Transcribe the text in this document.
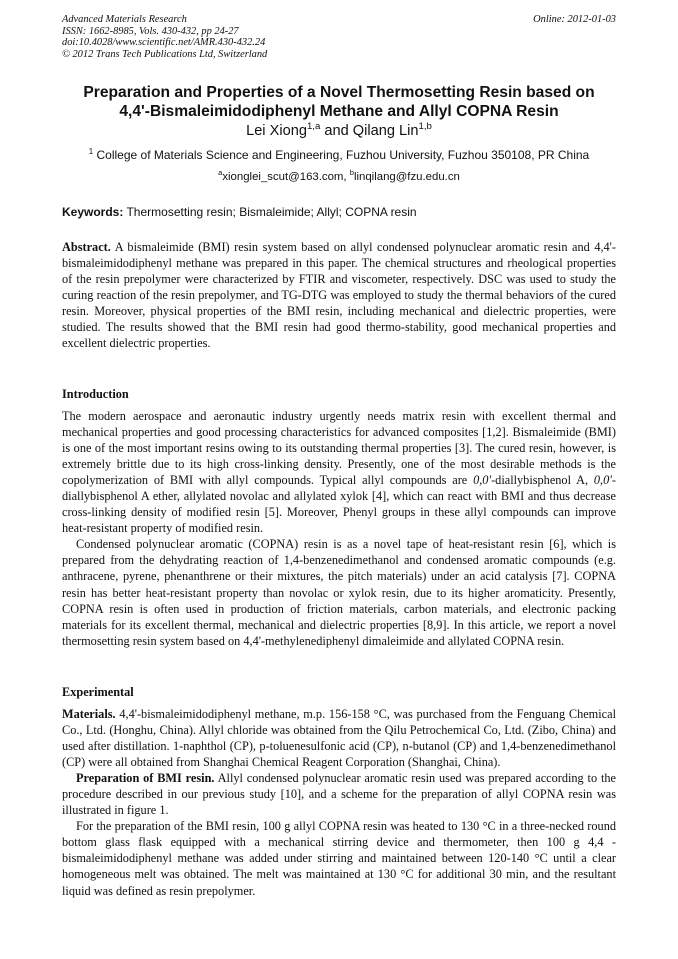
Advanced Materials Research
ISSN: 1662-8985, Vols. 430-432, pp 24-27
doi:10.4028/www.scientific.net/AMR.430-432.24
© 2012 Trans Tech Publications Ltd, Switzerland
Online: 2012-01-03
Preparation and Properties of a Novel Thermosetting Resin based on
4,4'-Bismaleimidodiphenyl Methane and Allyl COPNA Resin
Lei Xiong$^{1,a}$ and Qilang Lin$^{1,b}$
$^1$ College of Materials Science and Engineering, Fuzhou University, Fuzhou 350108, PR China
$^a$xionglei_scut@163.com, $^b$linqilang@fzu.edu.cn
Keywords: Thermosetting resin; Bismaleimide; Allyl; COPNA resin

Abstract. A bismaleimide (BMI) resin system based on allyl condensed polynuclear aromatic resin and 4,4'-bismaleimidodiphenyl methane was prepared in this paper. The chemical structures and rheological properties of the resin prepolymer were characterized by FTIR and viscometer, respectively. DSC was used to study the curing reaction of the resin prepolymer, and TG-DTG was employed to study the thermal behaviors of the cured resin. Moreover, physical properties of the BMI resin, including mechanical and dielectric properties, were studied. The results showed that the BMI resin had good thermo-stability, good mechanical properties and excellent dielectric properties.

Introduction

The modern aerospace and aeronautic industry urgently needs matrix resin with excellent thermal and mechanical properties and good processing characteristics for advanced composites [1,2]. Bismaleimide (BMI) is one of the most important resins owing to its outstanding thermal properties [3]. The cured resin, however, is extremely brittle due to its high cross-linking density. Presently, one of the most desirable methods is the copolymerization of BMI with allyl compounds. Typical allyl compounds are 0,0'-diallybisphenol A, 0,0'-diallybisphenol A ether, allylated novolac and allylated xylok [4], which can react with BMI and thus decrease cross-linking density of modified resin [5]. Moreover, Phenyl groups in these allyl compounds can improve heat-resistant property of modified resin.

Condensed polynuclear aromatic (COPNA) resin is as a novel tape of heat-resistant resin [6], which is prepared from the dehydrating reaction of 1,4-benzenedimethanol and condensed aromatic compounds (e.g. anthracene, pyrene, phenanthrene or their mixtures, the pitch materials) under an acid catalysis [7]. COPNA resin has better heat-resistant property than novolac or xylok resin, due to its higher aromaticity. Presently, COPNA resin is often used in production of friction materials, carbon materials, and electronic packing materials for its excellent thermal, mechanical and dielectric properties [8,9]. In this article, we report a novel thermosetting resin system based on 4,4'-methylenediphenyl dimaleimide and allylated COPNA resin.

Experimental

Materials. 4,4'-bismaleimidodiphenyl methane, m.p. 156-158 °C, was purchased from the Fenguang Chemical Co., Ltd. (Honghu, China). Allyl chloride was obtained from the Qilu Petrochemical Co, Ltd. (Zibo, China) and used after distillation. 1-naphthol (CP), p-toluenesulfonic acid (CP), n-butanol (CP) and 1,4-benzenedimethanol (CP) were all obtained from Shanghai Chemical Reagent Corporation (Shanghai, China).

Preparation of BMI resin. Allyl condensed polynuclear aromatic resin used was prepared according to the procedure described in our previous study [10], and a scheme for the preparation of allyl COPNA resin was illustrated in figure 1.

For the preparation of the BMI resin, 100 g allyl COPNA resin was heated to 130 °C in a three-necked round bottom glass flask equipped with a mechanical stirring device and thermometer, then 100 g 4,4 -bismaleimidodiphenyl methane was added under stirring and maintained between 120-140 °C until a clear homogeneous melt was obtained. The melt was maintained at 130 °C for additional 30 min, and the resultant liquid was defined as resin prepolymer.
